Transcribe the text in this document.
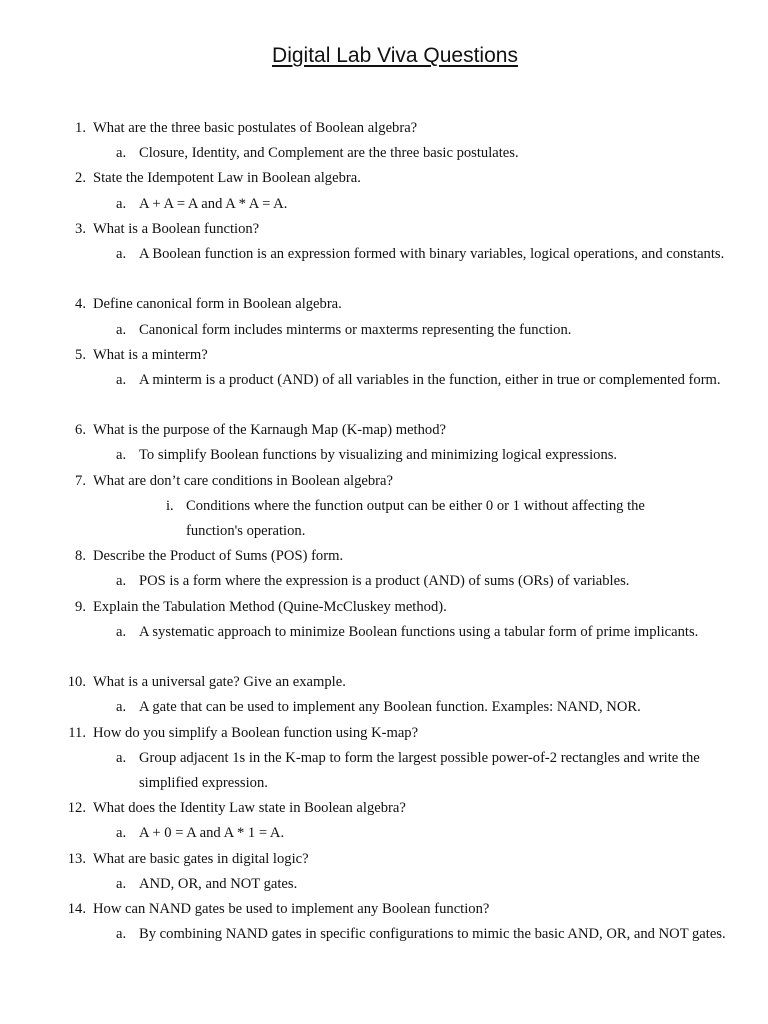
Digital Lab Viva Questions
1. What are the three basic postulates of Boolean algebra?
a. Closure, Identity, and Complement are the three basic postulates.
2. State the Idempotent Law in Boolean algebra.
a. A + A = A and A * A = A.
3. What is a Boolean function?
a. A Boolean function is an expression formed with binary variables, logical operations, and constants.
4. Define canonical form in Boolean algebra.
a. Canonical form includes minterms or maxterms representing the function.
5. What is a minterm?
a. A minterm is a product (AND) of all variables in the function, either in true or complemented form.
6. What is the purpose of the Karnaugh Map (K-map) method?
a. To simplify Boolean functions by visualizing and minimizing logical expressions.
7. What are don’t care conditions in Boolean algebra?
i. Conditions where the function output can be either 0 or 1 without affecting the function's operation.
8. Describe the Product of Sums (POS) form.
a. POS is a form where the expression is a product (AND) of sums (ORs) of variables.
9. Explain the Tabulation Method (Quine-McCluskey method).
a. A systematic approach to minimize Boolean functions using a tabular form of prime implicants.
10. What is a universal gate? Give an example.
a. A gate that can be used to implement any Boolean function. Examples: NAND, NOR.
11. How do you simplify a Boolean function using K-map?
a. Group adjacent 1s in the K-map to form the largest possible power-of-2 rectangles and write the simplified expression.
12. What does the Identity Law state in Boolean algebra?
a. A + 0 = A and A * 1 = A.
13. What are basic gates in digital logic?
a. AND, OR, and NOT gates.
14. How can NAND gates be used to implement any Boolean function?
a. By combining NAND gates in specific configurations to mimic the basic AND, OR, and NOT gates.
